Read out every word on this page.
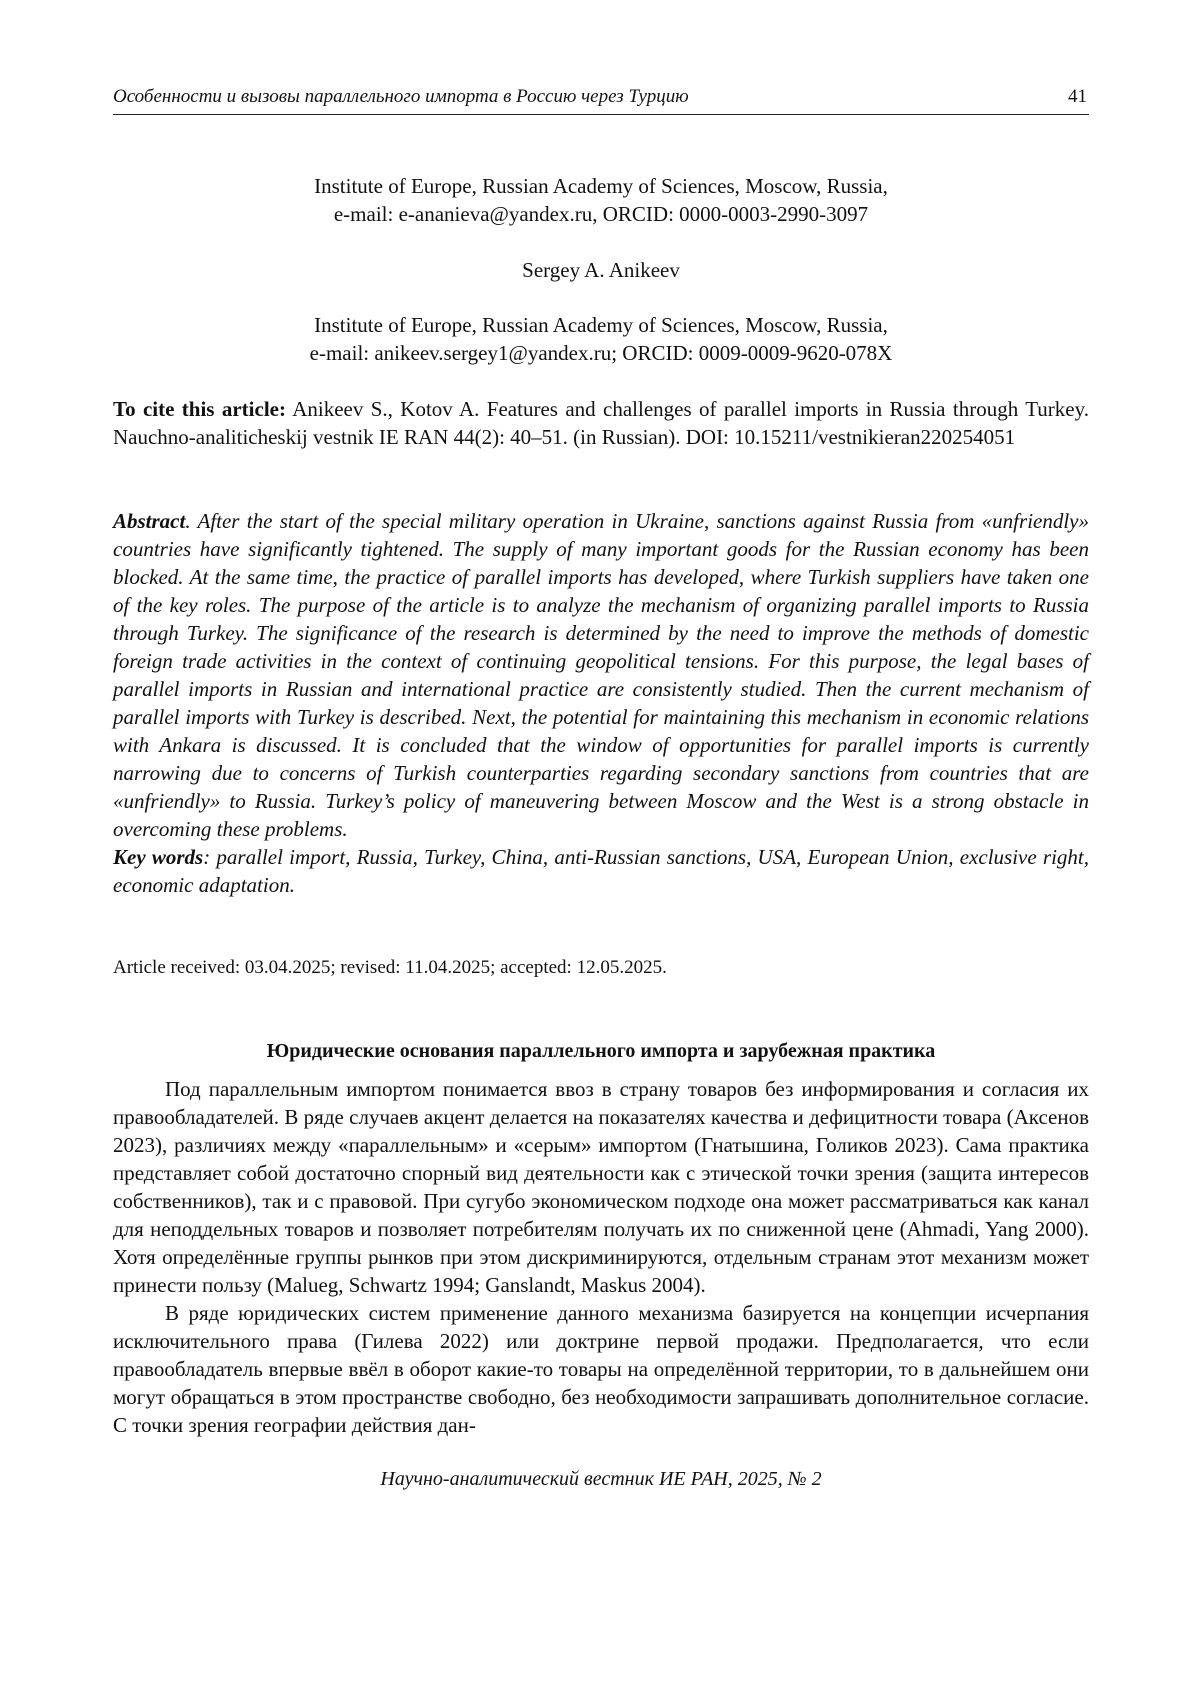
Особенности и вызовы параллельного импорта в Россию через Турцию	41
Institute of Europe, Russian Academy of Sciences, Moscow, Russia,
e-mail: e-ananieva@yandex.ru, ORCID: 0000-0003-2990-3097
Sergey A. Anikeev
Institute of Europe, Russian Academy of Sciences, Moscow, Russia,
e-mail: anikeev.sergey1@yandex.ru; ORCID: 0009-0009-9620-078X

To cite this article: Anikeev S., Kotov A. Features and challenges of parallel imports in Russia through Turkey. Nauchno-analiticheskij vestnik IE RAN 44(2): 40–51. (in Russian). DOI: 10.15211/vestnikieran220254051

Abstract. After the start of the special military operation in Ukraine, sanctions against Russia from «unfriendly» countries have significantly tightened. The supply of many important goods for the Russian economy has been blocked. At the same time, the practice of parallel imports has developed, where Turkish suppliers have taken one of the key roles. The purpose of the article is to analyze the mechanism of organizing parallel imports to Russia through Turkey. The significance of the research is determined by the need to improve the methods of domestic foreign trade activities in the context of continuing geopolitical tensions. For this purpose, the legal bases of parallel imports in Russian and international practice are consistently studied. Then the current mechanism of parallel imports with Turkey is described. Next, the potential for maintaining this mechanism in economic relations with Ankara is discussed. It is concluded that the window of opportunities for parallel imports is currently narrowing due to concerns of Turkish counterparties regarding secondary sanctions from countries that are «unfriendly» to Russia. Turkey’s policy of maneuvering between Moscow and the West is a strong obstacle in overcoming these problems.

Key words: parallel import, Russia, Turkey, China, anti-Russian sanctions, USA, European Union, exclusive right, economic adaptation.

Article received: 03.04.2025; revised: 11.04.2025; accepted: 12.05.2025.
Юридические основания параллельного импорта и зарубежная практика

Под параллельным импортом понимается ввоз в страну товаров без информирования и согласия их правообладателей. В ряде случаев акцент делается на показателях качества и дефицитности товара (Аксенов 2023), различиях между «параллельным» и «серым» импортом (Гнатышина, Голиков 2023). Сама практика представляет собой достаточно спорный вид деятельности как с этической точки зрения (защита интересов собственников), так и с правовой. При сугубо экономическом подходе она может рассматриваться как канал для неподдельных товаров и позволяет потребителям получать их по сниженной цене (Ahmadi, Yang 2000). Хотя определённые группы рынков при этом дискриминируются, отдельным странам этот механизм может принести пользу (Malueg, Schwartz 1994; Ganslandt, Maskus 2004).

В ряде юридических систем применение данного механизма базируется на концепции исчерпания исключительного права (Гилева 2022) или доктрине первой продажи. Предполагается, что если правообладатель впервые ввёл в оборот какие-то товары на определённой территории, то в дальнейшем они могут обращаться в этом пространстве свободно, без необходимости запрашивать дополнительное согласие. С точки зрения географии действия дан-

Научно-аналитический вестник ИЕ РАН, 2025, № 2
